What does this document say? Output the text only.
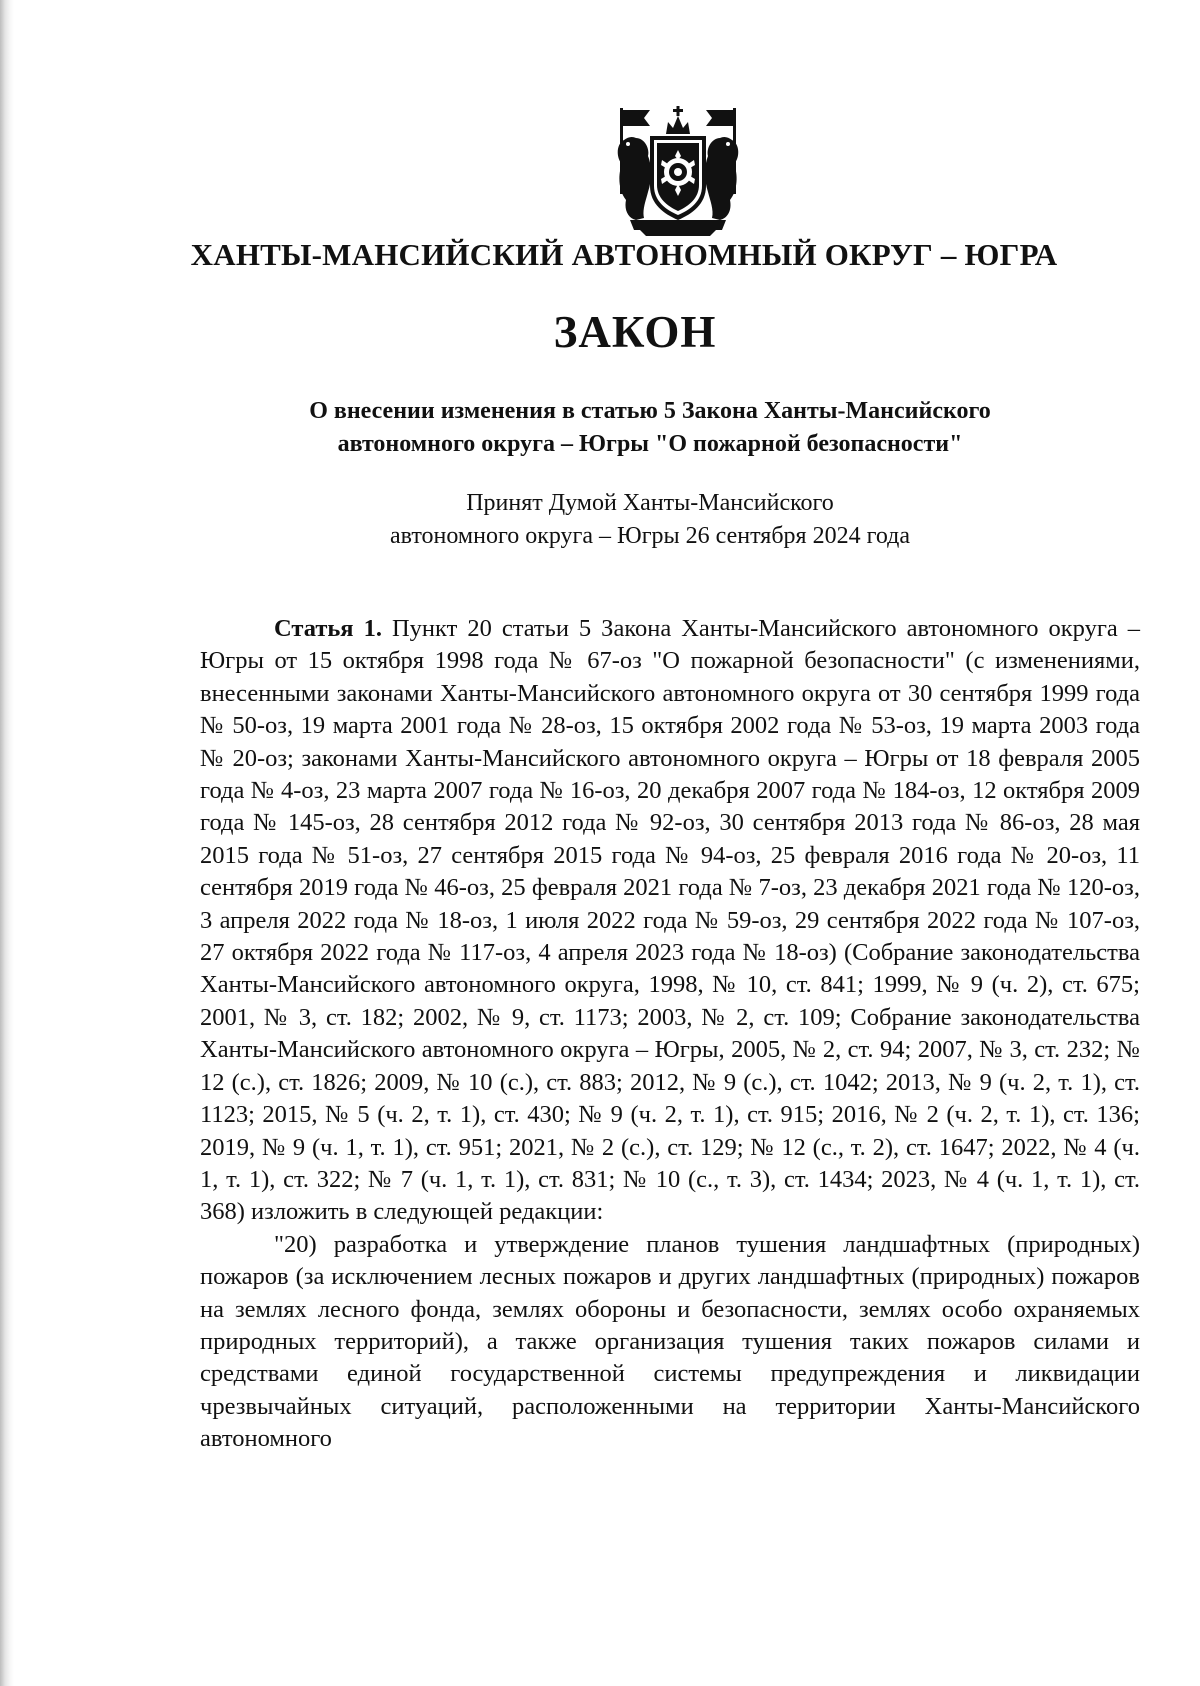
ХАНТЫ-МАНСИЙСКИЙ АВТОНОМНЫЙ ОКРУГ – ЮГРА
ЗАКОН
О внесении изменения в статью 5 Закона Ханты-Мансийского
автономного округа – Югры "О пожарной безопасности"
Принят Думой Ханты-Мансийского
автономного округа – Югры 26 сентября 2024 года

Статья 1. Пункт 20 статьи 5 Закона Ханты-Мансийского автономного округа – Югры от 15 октября 1998 года № 67-оз "О пожарной безопасности" (с изменениями, внесенными законами Ханты-Мансийского автономного округа от 30 сентября 1999 года № 50-оз, 19 марта 2001 года № 28-оз, 15 октября 2002 года № 53-оз, 19 марта 2003 года № 20-оз; законами Ханты-Мансийского автономного округа – Югры от 18 февраля 2005 года № 4-оз, 23 марта 2007 года № 16-оз, 20 декабря 2007 года № 184-оз, 12 октября 2009 года № 145-оз, 28 сентября 2012 года № 92-оз, 30 сентября 2013 года № 86-оз, 28 мая 2015 года № 51-оз, 27 сентября 2015 года № 94-оз, 25 февраля 2016 года № 20-оз, 11 сентября 2019 года № 46-оз, 25 февраля 2021 года № 7-оз, 23 декабря 2021 года № 120-оз, 3 апреля 2022 года № 18-оз, 1 июля 2022 года № 59-оз, 29 сентября 2022 года № 107-оз, 27 октября 2022 года № 117-оз, 4 апреля 2023 года № 18-оз) (Собрание законодательства Ханты-Мансийского автономного округа, 1998, № 10, ст. 841; 1999, № 9 (ч. 2), ст. 675; 2001, № 3, ст. 182; 2002, № 9, ст. 1173; 2003, № 2, ст. 109; Собрание законодательства Ханты-Мансийского автономного округа – Югры, 2005, № 2, ст. 94; 2007, № 3, ст. 232; № 12 (с.), ст. 1826; 2009, № 10 (с.), ст. 883; 2012, № 9 (с.), ст. 1042; 2013, № 9 (ч. 2, т. 1), ст. 1123; 2015, № 5 (ч. 2, т. 1), ст. 430; № 9 (ч. 2, т. 1), ст. 915; 2016, № 2 (ч. 2, т. 1), ст. 136; 2019, № 9 (ч. 1, т. 1), ст. 951; 2021, № 2 (с.), ст. 129; № 12 (с., т. 2), ст. 1647; 2022, № 4 (ч. 1, т. 1), ст. 322; № 7 (ч. 1, т. 1), ст. 831; № 10 (с., т. 3), ст. 1434; 2023, № 4 (ч. 1, т. 1), ст. 368) изложить в следующей редакции:

"20) разработка и утверждение планов тушения ландшафтных (природных) пожаров (за исключением лесных пожаров и других ландшафтных (природных) пожаров на землях лесного фонда, землях обороны и безопасности, землях особо охраняемых природных территорий), а также организация тушения таких пожаров силами и средствами единой государственной системы предупреждения и ликвидации чрезвычайных ситуаций, расположенными на территории Ханты-Мансийского автономного
